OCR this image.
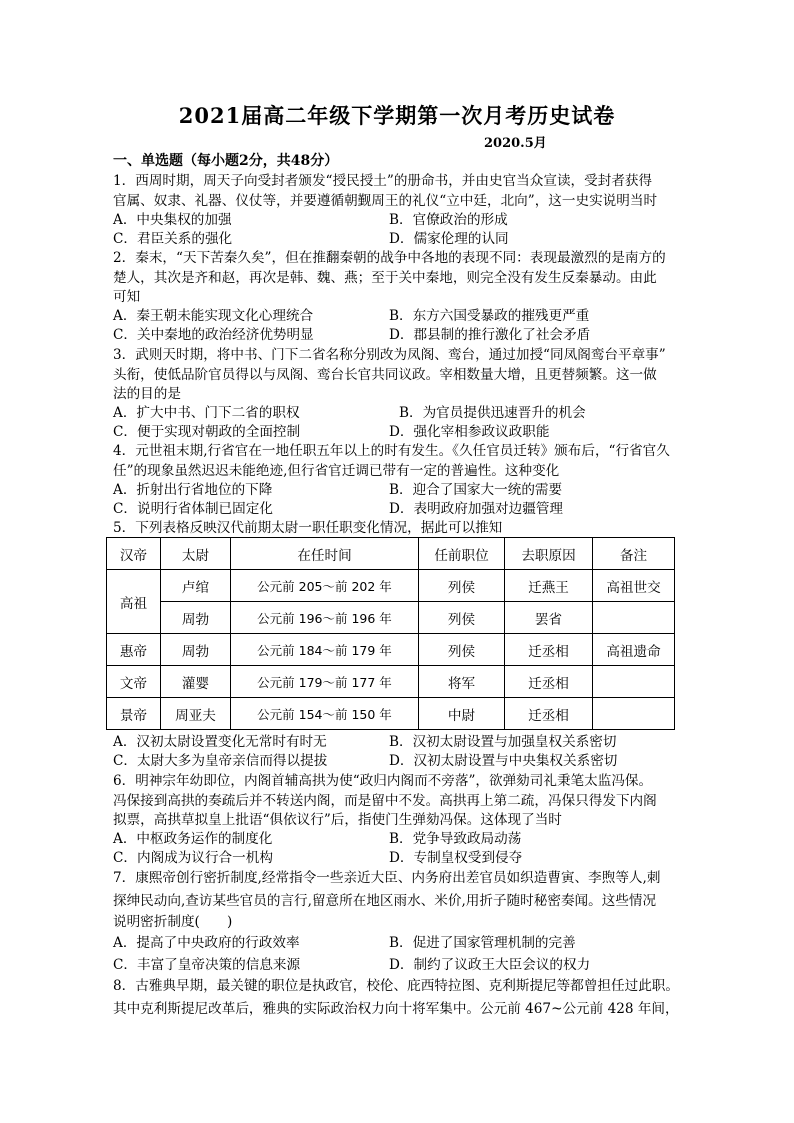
2021届高二年级下学期第一次月考历史试卷
2020.5月
一、单选题（每小题2分，共48分）
1．西周时期，周天子向受封者颁发“授民授土”的册命书，并由史官当众宣读，受封者获得
官属、奴隶、礼器、仪仗等，并要遵循朝觐周王的礼仪“立中廷，北向”，这一史实说明当时
A．中央集权的加强	B．官僚政治的形成
C．君臣关系的强化	D．儒家伦理的认同
2．秦末，“天下苦秦久矣”，但在推翻秦朝的战争中各地的表现不同：表现最激烈的是南方的
楚人，其次是齐和赵，再次是韩、魏、燕；至于关中秦地，则完全没有发生反秦暴动。由此
可知
A．秦王朝未能实现文化心理统合	B．东方六国受暴政的摧残更严重
C．关中秦地的政治经济优势明显	D．郡县制的推行激化了社会矛盾
3．武则天时期，将中书、门下二省名称分别改为凤阁、鸾台，通过加授“同凤阁鸾台平章事”
头衔，使低品阶官员得以与凤阁、鸾台长官共同议政。宰相数量大增，且更替频繁。这一做
法的目的是
A．扩大中书、门下二省的职权	B．为官员提供迅速晋升的机会
C．便于实现对朝政的全面控制	D．强化宰相参政议政职能
4．元世祖末期,行省官在一地任职五年以上的时有发生。《久任官员迁转》颁布后，“行省官久
任”的现象虽然迟迟未能绝迹,但行省官迁调已带有一定的普遍性。这种变化
A．折射出行省地位的下降	B．迎合了国家大一统的需要
C．说明行省体制已固定化	D．表明政府加强对边疆管理
5．下列表格反映汉代前期太尉一职任职变化情况，据此可以推知
汉帝	太尉	在任时间	任前职位	去职原因	备注
高祖	卢绾	公元前 205～前 202 年	列侯	迁燕王	高祖世交
	周勃	公元前 196～前 196 年	列侯	罢省	
惠帝	周勃	公元前 184～前 179 年	列侯	迁丞相	高祖遗命
文帝	灌婴	公元前 179～前 177 年	将军	迁丞相	
景帝	周亚夫	公元前 154～前 150 年	中尉	迁丞相	
A．汉初太尉设置变化无常时有时无	B．汉初太尉设置与加强皇权关系密切
C．太尉大多为皇帝亲信而得以提拔	D．汉初太尉设置与中央集权关系密切
6．明神宗年幼即位，内阁首辅高拱为使“政归内阁而不旁落”，欲弹劾司礼秉笔太监冯保。
冯保接到高拱的奏疏后并不转送内阁，而是留中不发。高拱再上第二疏，冯保只得发下内阁
拟票，高拱草拟皇上批语“俱依议行”后，指使门生弹劾冯保。这体现了当时
A．中枢政务运作的制度化	B．党争导致政局动荡
C．内阁成为议行合一机构	D．专制皇权受到侵夺
7．康熙帝创行密折制度,经常指令一些亲近大臣、内务府出差官员如织造曹寅、李煦等人,刺
探绅民动向,查访某些官员的言行,留意所在地区雨水、米价,用折子随时秘密奏闻。这些情况
说明密折制度(　　)
A．提高了中央政府的行政效率	B．促进了国家管理机制的完善
C．丰富了皇帝决策的信息来源	D．制约了议政王大臣会议的权力
8．古雅典早期，最关键的职位是执政官，校伦、庇西特拉图、克利斯提尼等都曾担任过此职。
其中克利斯提尼改革后，雅典的实际政治权力向十将军集中。公元前 467~公元前 428 年间，
